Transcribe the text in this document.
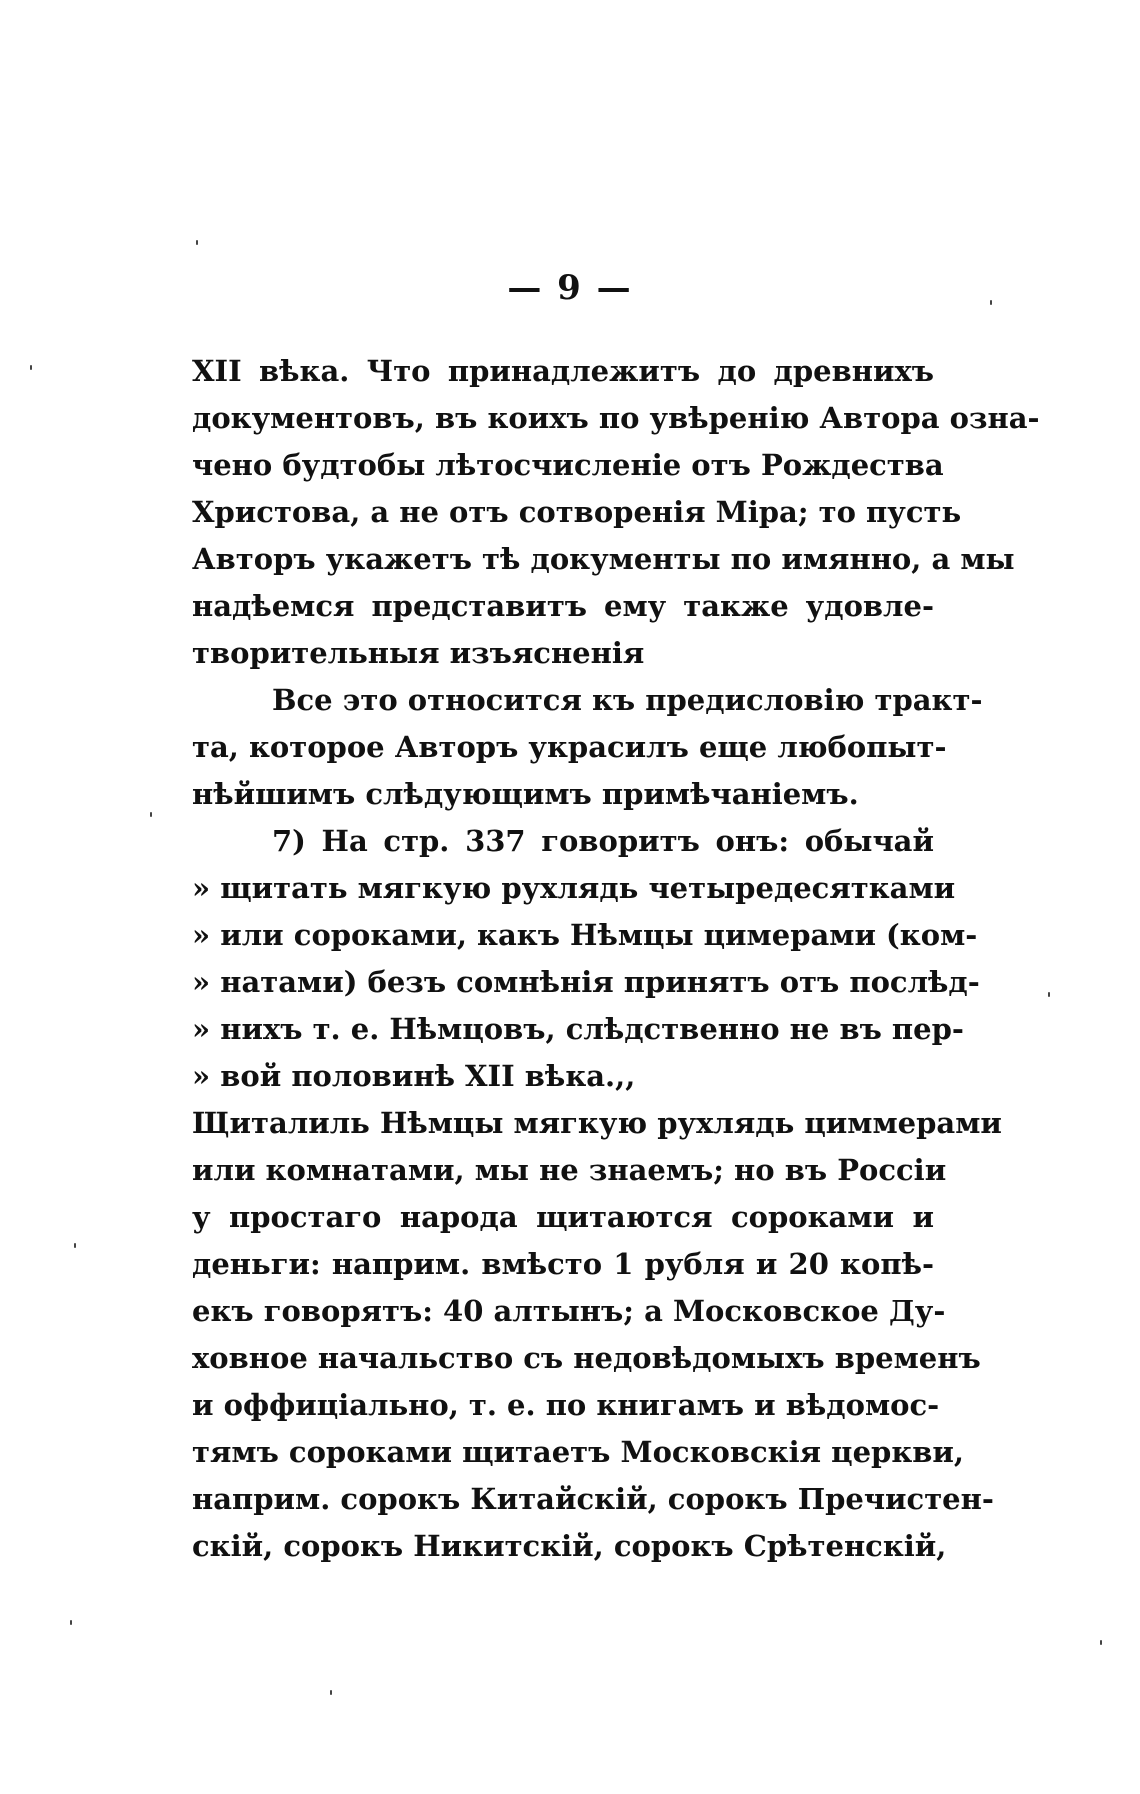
— 9 —
XII вѣка. Что принадлежитъ до древнихъ
документовъ, въ коихъ по увѣренію Автора озна-
чено будтобы лѣтосчисленіе отъ Рождества
Христова, а не отъ сотворенія Міра; то пусть
Авторъ укажетъ тѣ документы по имянно, а мы
надѣемся представитъ ему также удовле-
творительныя изъясненія
Все это относится къ предисловію тракт-
та, которое Авторъ украсилъ еще любопыт-
нѣйшимъ слѣдующимъ примѣчаніемъ.
7) На стр. 337 говоритъ онъ: обычай
» щитать мягкую рухлядь четыредесятками
» или сороками, какъ Нѣмцы цимерами (ком-
» натами) безъ сомнѣнія принятъ отъ послѣд-
» нихъ т. е. Нѣмцовъ, слѣдственно не въ пер-
» вой половинѣ XII вѣка.,,
Щиталиль Нѣмцы мягкую рухлядь циммерами
или комнатами, мы не знаемъ; но въ Россіи
у простаго народа щитаются сороками и
деньги: наприм. вмѣсто 1 рубля и 20 копѣ-
екъ говорятъ: 40 алтынъ; а Московское Ду-
ховное начальство съ недовѣдомыхъ временъ
и оффиціально, т. е. по книгамъ и вѣдомос-
тямъ сороками щитаетъ Московскія церкви,
наприм. сорокъ Китайскій, сорокъ Пречистен-
скій, сорокъ Никитскій, сорокъ Срѣтенскій,
